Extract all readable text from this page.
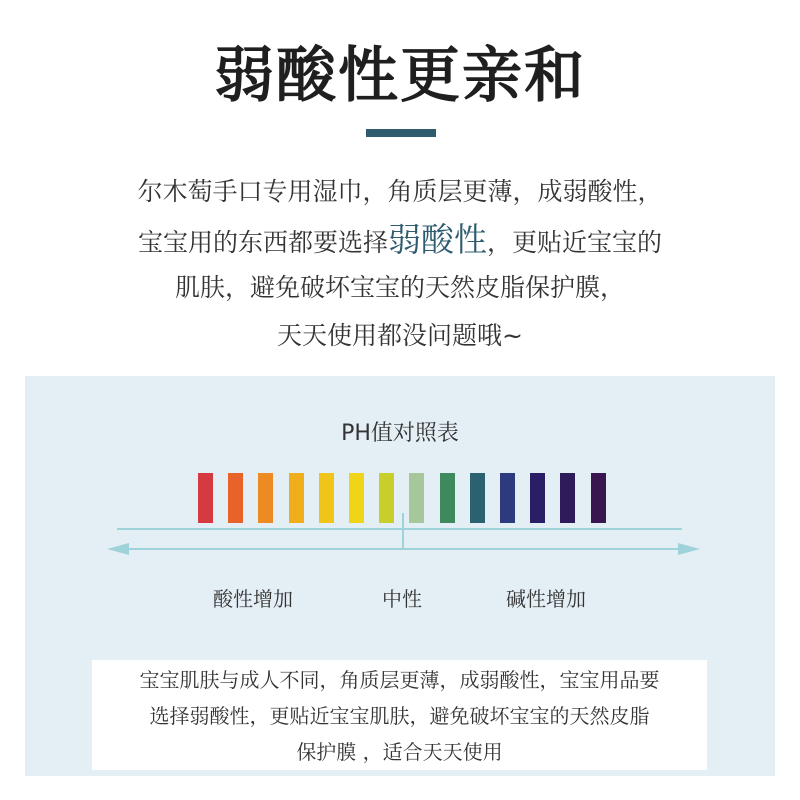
弱酸性更亲和
尔木萄手口专用湿巾，角质层更薄，成弱酸性，
宝宝用的东西都要选择弱酸性，更贴近宝宝的
肌肤，避免破坏宝宝的天然皮脂保护膜，
天天使用都没问题哦~
PH值对照表
酸性增加	中性	碱性增加
宝宝肌肤与成人不同，角质层更薄，成弱酸性，宝宝用品要
选择弱酸性，更贴近宝宝肌肤，避免破坏宝宝的天然皮脂
保护膜 ，适合天天使用
